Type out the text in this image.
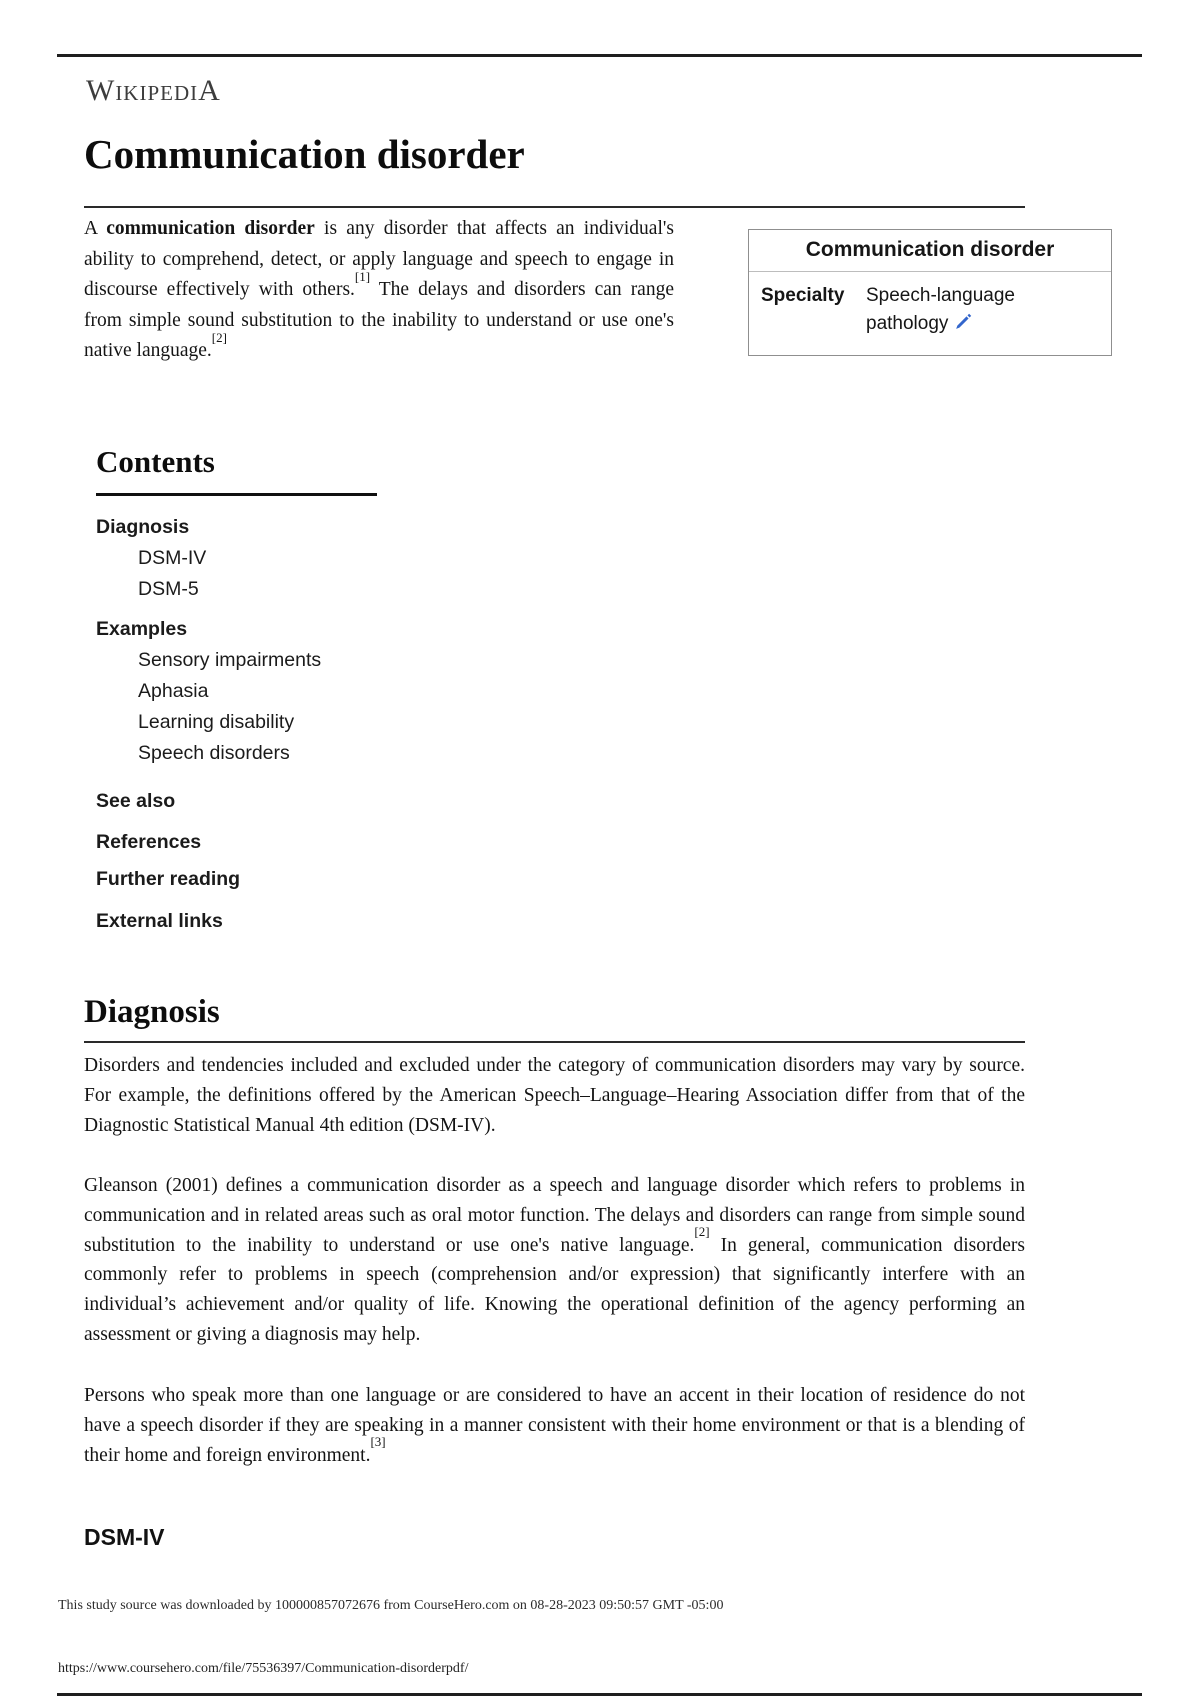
WikipediA
Communication disorder

A communication disorder is any disorder that affects an individual's ability to comprehend, detect, or apply language and speech to engage in discourse effectively with others.[1] The delays and disorders can range from simple sound substitution to the inability to understand or use one's native language.[2]

Communication disorder
Specialty	Speech-language pathology
Contents
Diagnosis
DSM-IV
DSM-5
Examples
Sensory impairments
Aphasia
Learning disability
Speech disorders
See also
References
Further reading
External links
Diagnosis

Disorders and tendencies included and excluded under the category of communication disorders may vary by source. For example, the definitions offered by the American Speech–Language–Hearing Association differ from that of the Diagnostic Statistical Manual 4th edition (DSM-IV).

Gleanson (2001) defines a communication disorder as a speech and language disorder which refers to problems in communication and in related areas such as oral motor function. The delays and disorders can range from simple sound substitution to the inability to understand or use one's native language.[2] In general, communication disorders commonly refer to problems in speech (comprehension and/or expression) that significantly interfere with an individual’s achievement and/or quality of life. Knowing the operational definition of the agency performing an assessment or giving a diagnosis may help.

Persons who speak more than one language or are considered to have an accent in their location of residence do not have a speech disorder if they are speaking in a manner consistent with their home environment or that is a blending of their home and foreign environment.[3]

DSM-IV
This study source was downloaded by 100000857072676 from CourseHero.com on 08-28-2023 09:50:57 GMT -05:00
https://www.coursehero.com/file/75536397/Communication-disorderpdf/
